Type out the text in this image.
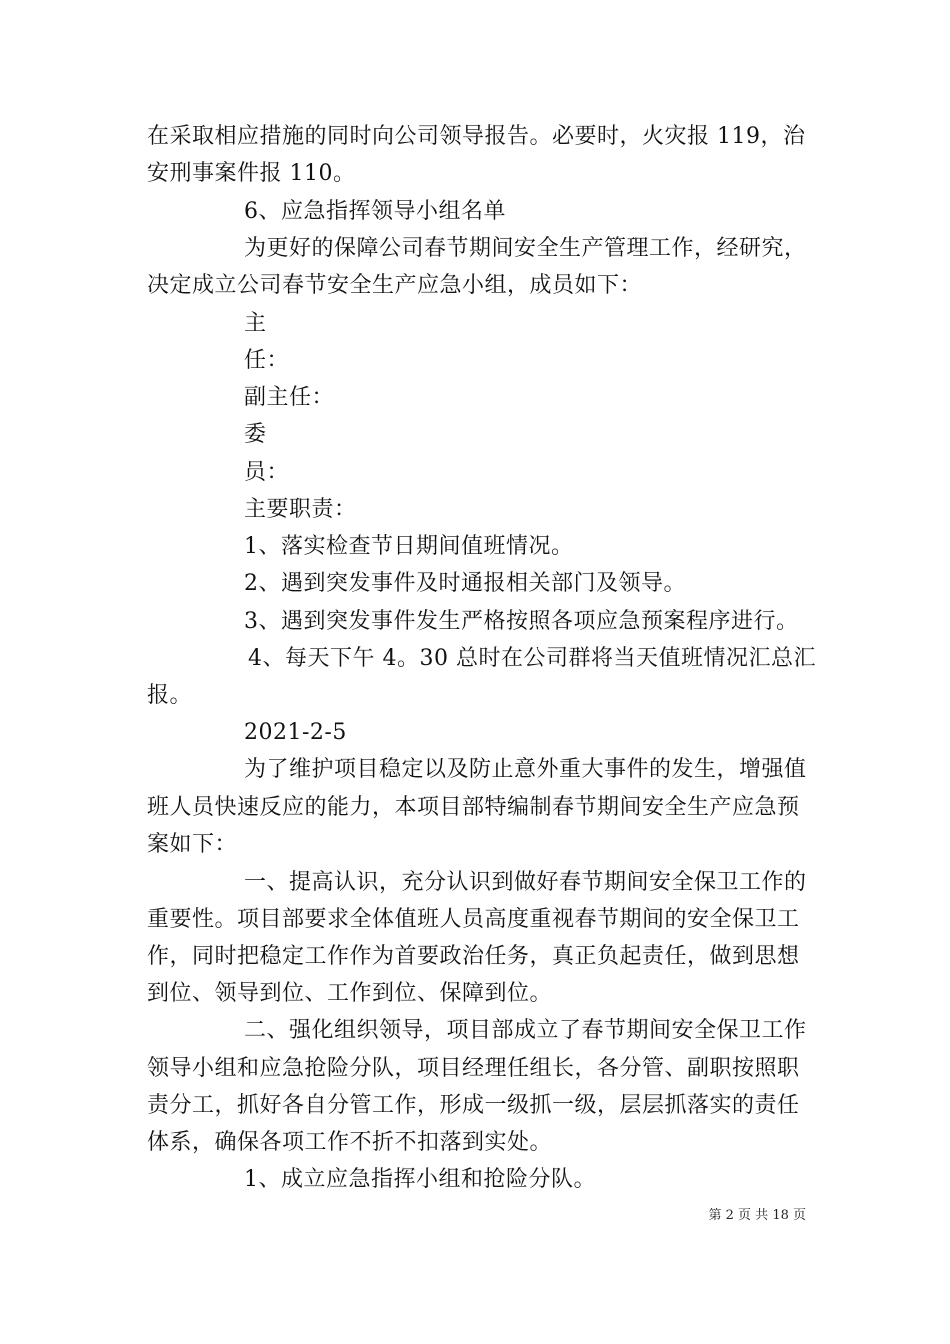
在采取相应措施的同时向公司领导报告。必要时，火灾报 119，治
安刑事案件报 110。
6、应急指挥领导小组名单
为更好的保障公司春节期间安全生产管理工作，经研究，
决定成立公司春节安全生产应急小组，成员如下：
主
任：
副主任：
委
员：
主要职责：
1、落实检查节日期间值班情况。
2、遇到突发事件及时通报相关部门及领导。
3、遇到突发事件发生严格按照各项应急预案程序进行。
4、每天下午 4。30 总时在公司群将当天值班情况汇总汇
报。
2021-2-5
为了维护项目稳定以及防止意外重大事件的发生，增强值
班人员快速反应的能力，本项目部特编制春节期间安全生产应急预
案如下：
一、提高认识，充分认识到做好春节期间安全保卫工作的
重要性。项目部要求全体值班人员高度重视春节期间的安全保卫工
作，同时把稳定工作作为首要政治任务，真正负起责任，做到思想
到位、领导到位、工作到位、保障到位。
二、强化组织领导，项目部成立了春节期间安全保卫工作
领导小组和应急抢险分队，项目经理任组长，各分管、副职按照职
责分工，抓好各自分管工作，形成一级抓一级，层层抓落实的责任
体系，确保各项工作不折不扣落到实处。
1、成立应急指挥小组和抢险分队。
第 2 页 共 18 页
